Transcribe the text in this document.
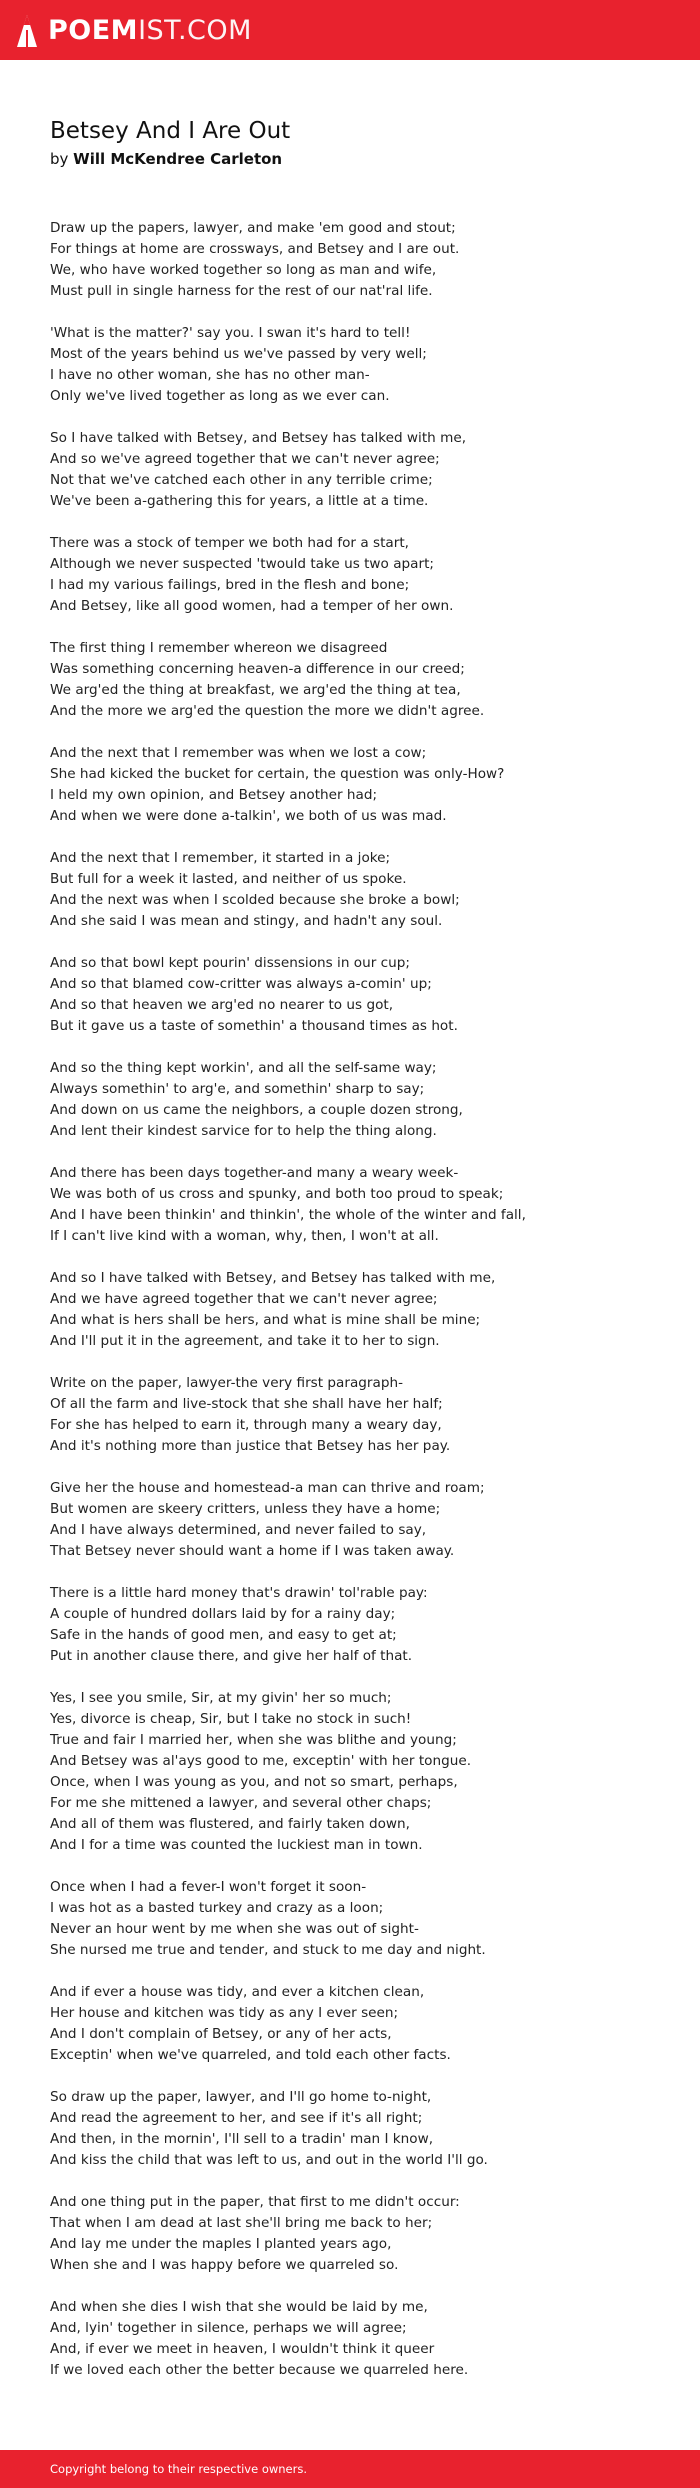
POEMIST.COM
Betsey And I Are Out
by Will McKendree Carleton

Draw up the papers, lawyer, and make 'em good and stout;
For things at home are crossways, and Betsey and I are out.
We, who have worked together so long as man and wife,
Must pull in single harness for the rest of our nat'ral life.

'What is the matter?' say you. I swan it's hard to tell!
Most of the years behind us we've passed by very well;
I have no other woman, she has no other man-
Only we've lived together as long as we ever can.

So I have talked with Betsey, and Betsey has talked with me,
And so we've agreed together that we can't never agree;
Not that we've catched each other in any terrible crime;
We've been a-gathering this for years, a little at a time.

There was a stock of temper we both had for a start,
Although we never suspected 'twould take us two apart;
I had my various failings, bred in the flesh and bone;
And Betsey, like all good women, had a temper of her own.

The first thing I remember whereon we disagreed
Was something concerning heaven-a difference in our creed;
We arg'ed the thing at breakfast, we arg'ed the thing at tea,
And the more we arg'ed the question the more we didn't agree.

And the next that I remember was when we lost a cow;
She had kicked the bucket for certain, the question was only-How?
I held my own opinion, and Betsey another had;
And when we were done a-talkin', we both of us was mad.

And the next that I remember, it started in a joke;
But full for a week it lasted, and neither of us spoke.
And the next was when I scolded because she broke a bowl;
And she said I was mean and stingy, and hadn't any soul.

And so that bowl kept pourin' dissensions in our cup;
And so that blamed cow-critter was always a-comin' up;
And so that heaven we arg'ed no nearer to us got,
But it gave us a taste of somethin' a thousand times as hot.

And so the thing kept workin', and all the self-same way;
Always somethin' to arg'e, and somethin' sharp to say;
And down on us came the neighbors, a couple dozen strong,
And lent their kindest sarvice for to help the thing along.

And there has been days together-and many a weary week-
We was both of us cross and spunky, and both too proud to speak;
And I have been thinkin' and thinkin', the whole of the winter and fall,
If I can't live kind with a woman, why, then, I won't at all.

And so I have talked with Betsey, and Betsey has talked with me,
And we have agreed together that we can't never agree;
And what is hers shall be hers, and what is mine shall be mine;
And I'll put it in the agreement, and take it to her to sign.

Write on the paper, lawyer-the very first paragraph-
Of all the farm and live-stock that she shall have her half;
For she has helped to earn it, through many a weary day,
And it's nothing more than justice that Betsey has her pay.

Give her the house and homestead-a man can thrive and roam;
But women are skeery critters, unless they have a home;
And I have always determined, and never failed to say,
That Betsey never should want a home if I was taken away.

There is a little hard money that's drawin' tol'rable pay:
A couple of hundred dollars laid by for a rainy day;
Safe in the hands of good men, and easy to get at;
Put in another clause there, and give her half of that.

Yes, I see you smile, Sir, at my givin' her so much;
Yes, divorce is cheap, Sir, but I take no stock in such!
True and fair I married her, when she was blithe and young;
And Betsey was al'ays good to me, exceptin' with her tongue.
Once, when I was young as you, and not so smart, perhaps,
For me she mittened a lawyer, and several other chaps;
And all of them was flustered, and fairly taken down,
And I for a time was counted the luckiest man in town.

Once when I had a fever-I won't forget it soon-
I was hot as a basted turkey and crazy as a loon;
Never an hour went by me when she was out of sight-
She nursed me true and tender, and stuck to me day and night.

And if ever a house was tidy, and ever a kitchen clean,
Her house and kitchen was tidy as any I ever seen;
And I don't complain of Betsey, or any of her acts,
Exceptin' when we've quarreled, and told each other facts.

So draw up the paper, lawyer, and I'll go home to-night,
And read the agreement to her, and see if it's all right;
And then, in the mornin', I'll sell to a tradin' man I know,
And kiss the child that was left to us, and out in the world I'll go.

And one thing put in the paper, that first to me didn't occur:
That when I am dead at last she'll bring me back to her;
And lay me under the maples I planted years ago,
When she and I was happy before we quarreled so.

And when she dies I wish that she would be laid by me,
And, lyin' together in silence, perhaps we will agree;
And, if ever we meet in heaven, I wouldn't think it queer
If we loved each other the better because we quarreled here.

Copyright belong to their respective owners.
